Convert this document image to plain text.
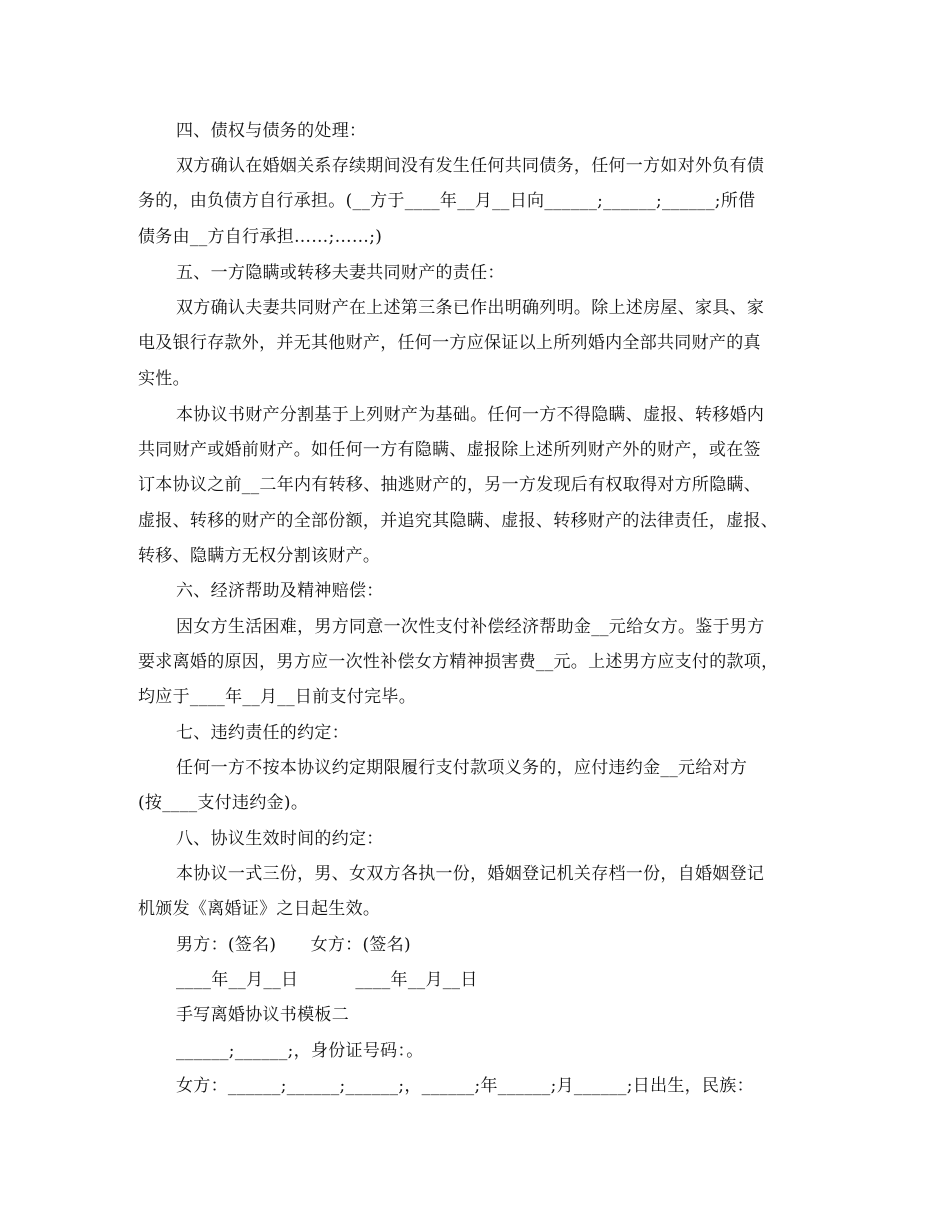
四、债权与债务的处理：
双方确认在婚姻关系存续期间没有发生任何共同债务，任何一方如对外负有债
务的，由负债方自行承担。(__方于____年__月__日向______;______;______;所借
债务由__方自行承担……;……;)
五、一方隐瞒或转移夫妻共同财产的责任：
双方确认夫妻共同财产在上述第三条已作出明确列明。除上述房屋、家具、家
电及银行存款外，并无其他财产，任何一方应保证以上所列婚内全部共同财产的真
实性。
本协议书财产分割基于上列财产为基础。任何一方不得隐瞒、虚报、转移婚内
共同财产或婚前财产。如任何一方有隐瞒、虚报除上述所列财产外的财产，或在签
订本协议之前__二年内有转移、抽逃财产的，另一方发现后有权取得对方所隐瞒、
虚报、转移的财产的全部份额，并追究其隐瞒、虚报、转移财产的法律责任，虚报、
转移、隐瞒方无权分割该财产。
六、经济帮助及精神赔偿：
因女方生活困难，男方同意一次性支付补偿经济帮助金__元给女方。鉴于男方
要求离婚的原因，男方应一次性补偿女方精神损害费__元。上述男方应支付的款项，
均应于____年__月__日前支付完毕。
七、违约责任的约定：
任何一方不按本协议约定期限履行支付款项义务的，应付违约金__元给对方
(按____支付违约金)。
八、协议生效时间的约定：
本协议一式三份，男、女双方各执一份，婚姻登记机关存档一份，自婚姻登记
机颁发《离婚证》之日起生效。
男方：(签名)      女方：(签名)
____年__月__日          ____年__月__日
手写离婚协议书模板二
______;______;，身份证号码：。
女方：______;______;______;，______;年______;月______;日出生，民族：
